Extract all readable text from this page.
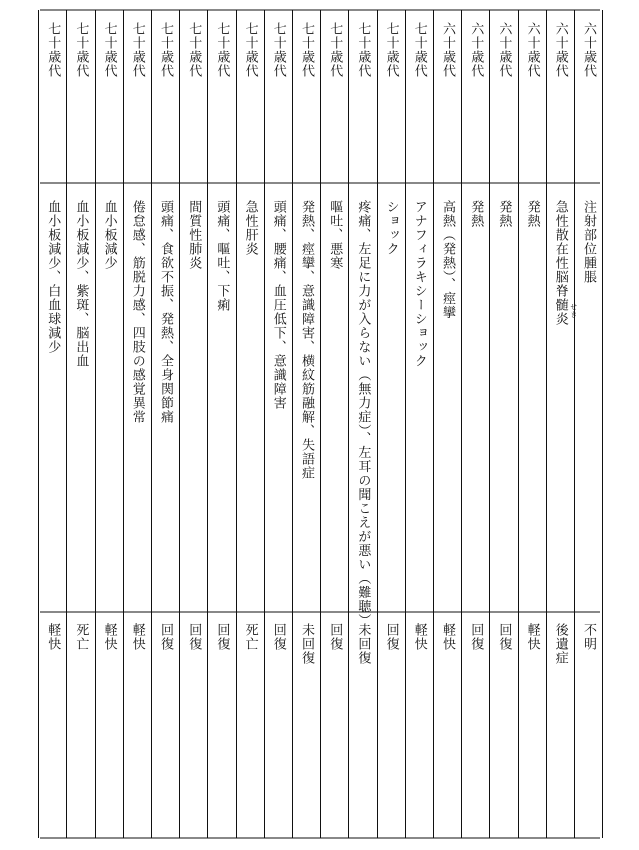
六十歳代
注射部位腫脹
不明
六十歳代
急性散在性脳脊髄炎 せき
後遺症
六十歳代
発熱
軽快
六十歳代
発熱
回復
六十歳代
発熱
回復
六十歳代
高熱（発熱）、痙攣
軽快
七十歳代
アナフィラキシーショック
軽快
七十歳代
ショック
回復
七十歳代
疼痛、左足に力が入らない（無力症）、左耳の聞こえが悪い（難聴）
未回復
七十歳代
嘔吐、悪寒
回復
七十歳代
発熱、痙攣、意識障害、横紋筋融解、失語症
未回復
七十歳代
頭痛、腰痛、血圧低下、意識障害
回復
七十歳代
急性肝炎
死亡
七十歳代
頭痛、嘔吐、下痢
回復
七十歳代
間質性肺炎
回復
七十歳代
頭痛、食欲不振、発熱、全身関節痛
回復
七十歳代
倦怠感、筋脱力感、四肢の感覚異常
軽快
七十歳代
血小板減少
軽快
七十歳代
血小板減少、紫斑、脳出血
死亡
七十歳代
血小板減少、白血球減少
軽快
